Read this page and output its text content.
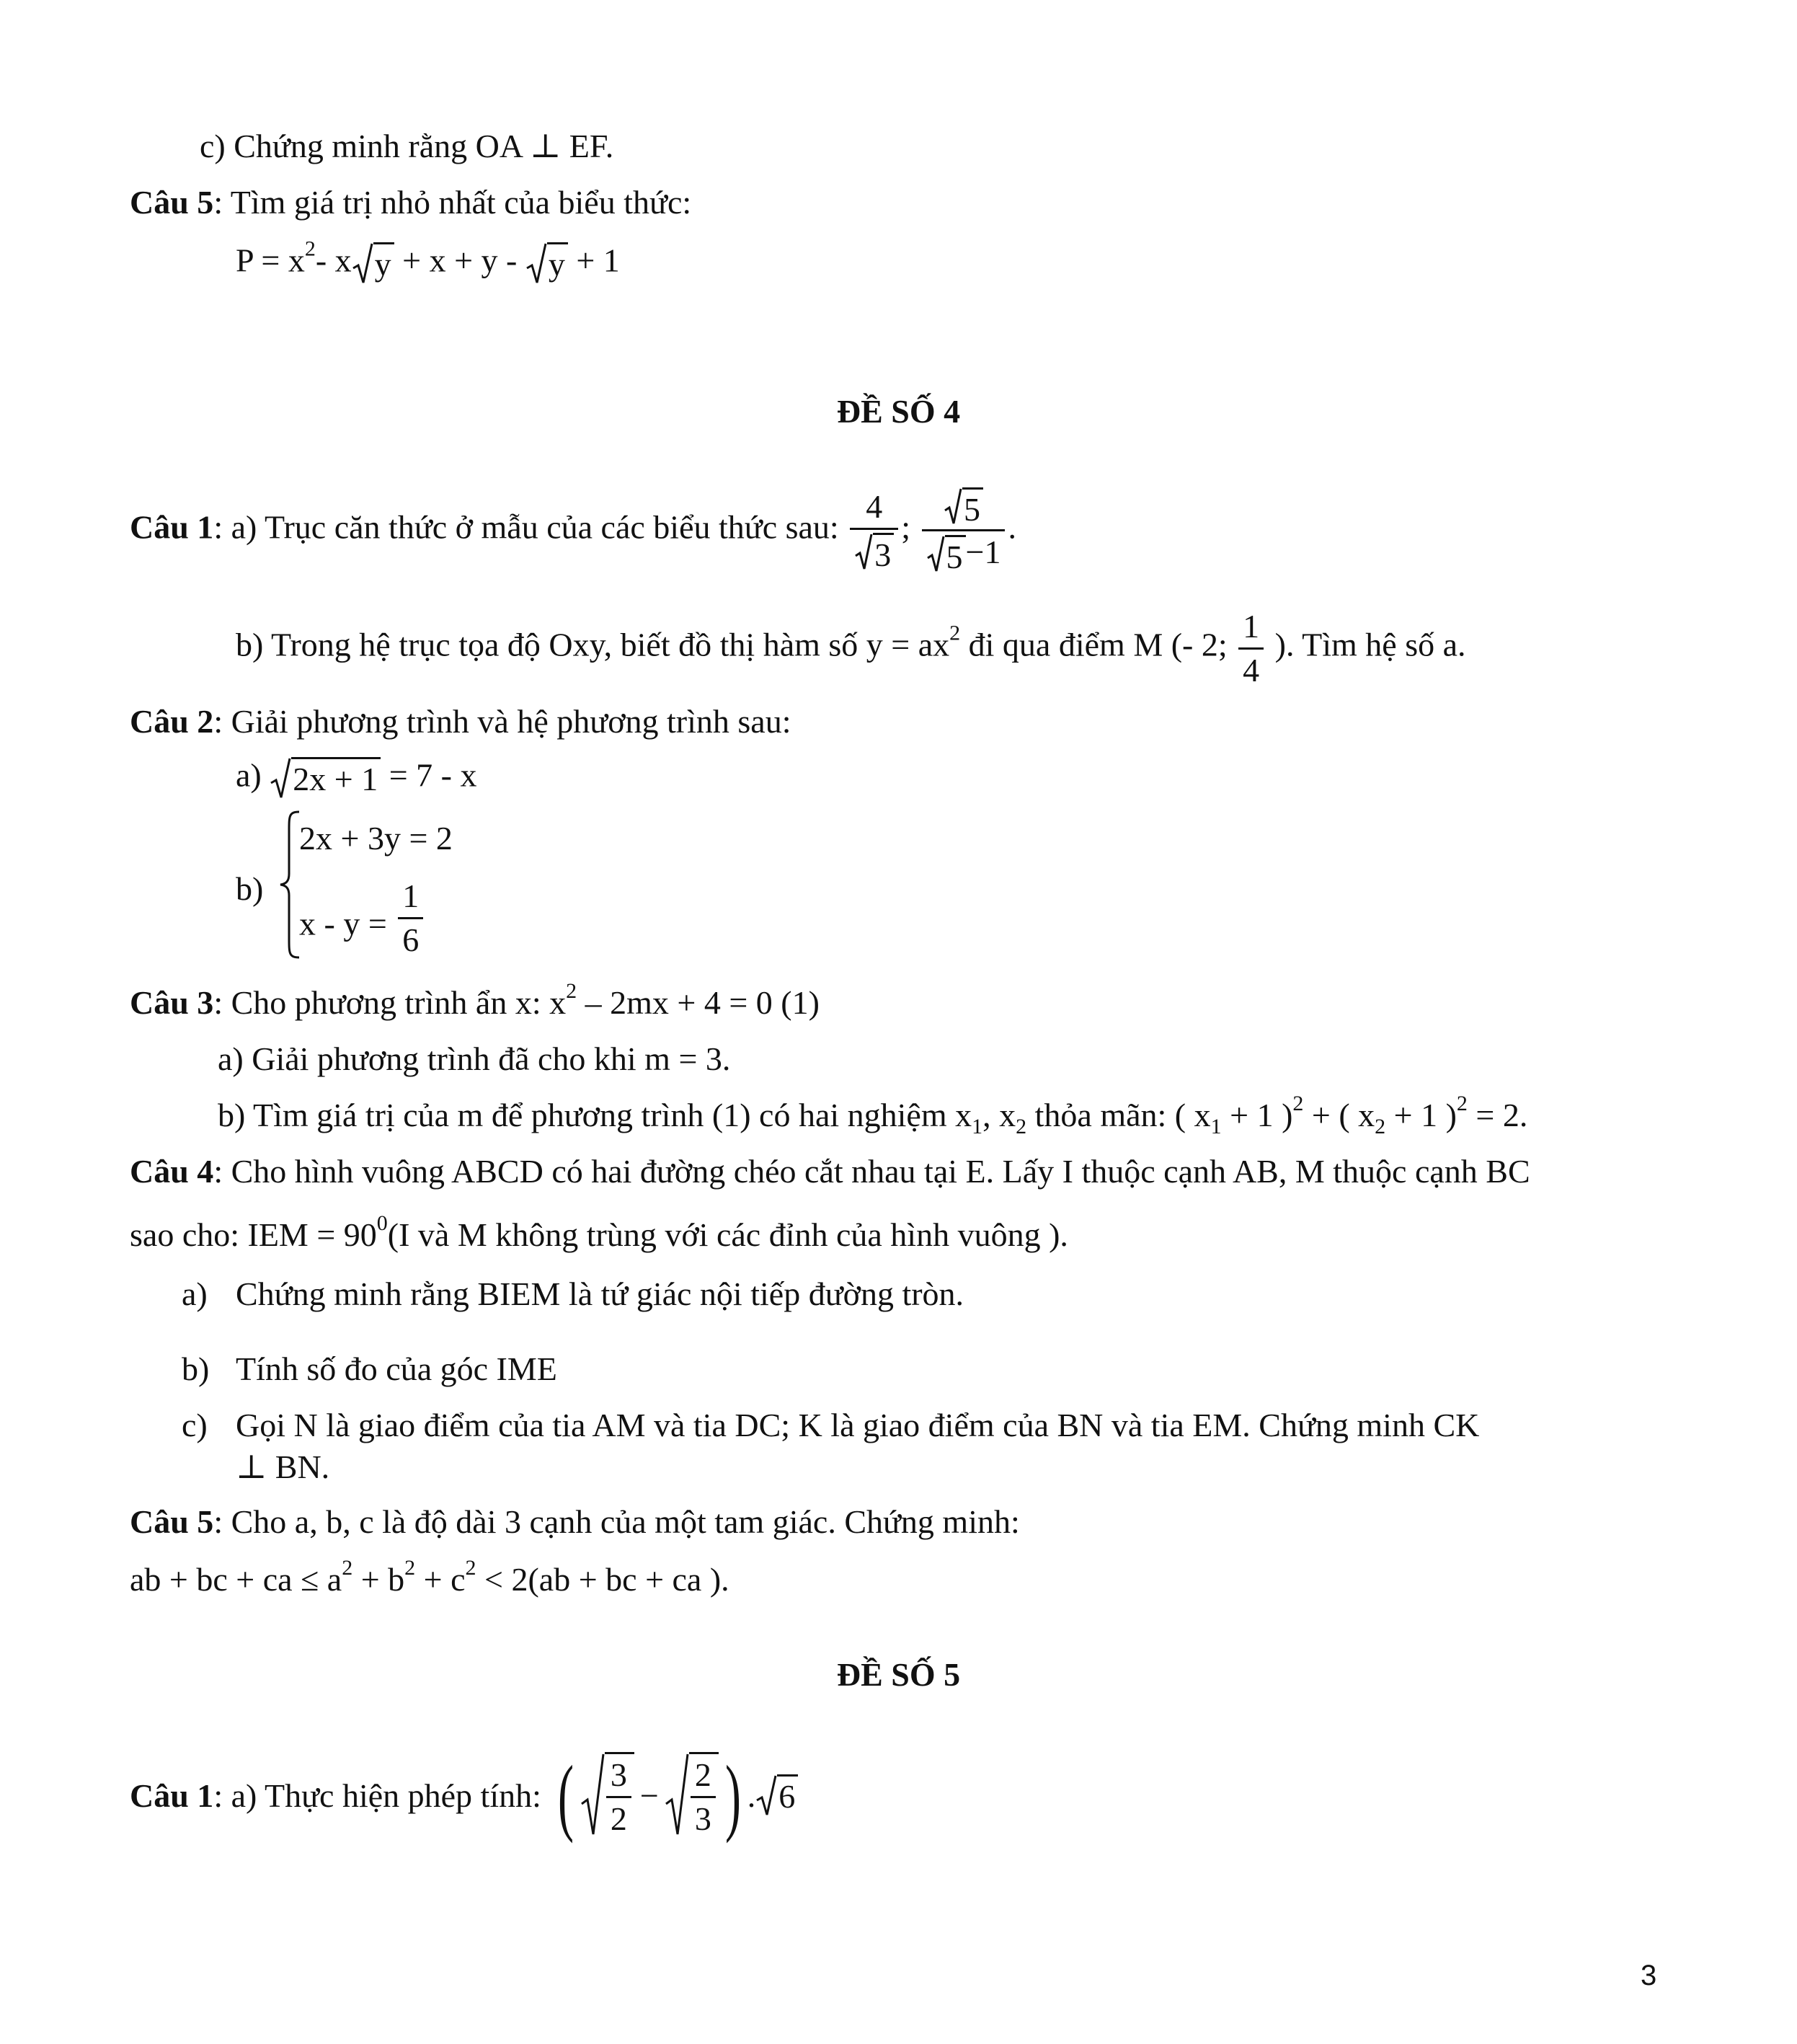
c) Chứng minh rằng OA ⊥ EF.
Câu 5: Tìm giá trị nhỏ nhất của biểu thức:
$P = x^2-$ x y + x + y - y + 1
ĐỀ SỐ 4
Câu 1: a) Trục căn thức ở mẫu của các biểu thức sau: $\frac{4}{3}$ ; $\frac{5}{5 -1}$ .
b) Trong hệ trục tọa độ Oxy, biết đồ thị hàm số $y = ax^2$ đi qua điểm M (- 2; $\frac{1}{4}$ ). Tìm hệ số a.
Câu 2: Giải phương trình và hệ phương trình sau:
a) 2x + 1 = 7 - x
b)
2x + 3y = 2
$x - y = \frac{1}{6}$
Câu 3: Cho phương trình ẩn x: $x^2 - 2mx + 4 = 0$ (1)
a) Giải phương trình đã cho khi m = 3.
b) Tìm giá trị của m để phương trình (1) có hai nghiệm $x_1$, $x_2$ thỏa mãn: ( $x_1 + 1$ )$^2$ + ( $x_2 + 1$ )$^2$ = 2.
Câu 4: Cho hình vuông ABCD có hai đường chéo cắt nhau tại E. Lấy I thuộc cạnh AB, M thuộc cạnh BC
sao cho: IEM = $90^0(I$ và M không trùng với các đỉnh của hình vuông ).
a) Chứng minh rằng BIEM là tứ giác nội tiếp đường tròn.
b) Tính số đo của góc IME
c) Gọi N là giao điểm của tia AM và tia DC; K là giao điểm của BN và tia EM. Chứng minh CK
⊥ BN.
Câu 5: Cho a, b, c là độ dài 3 cạnh của một tam giác. Chứng minh:
ab + bc + ca ≤ $a^2 + b^2 + c^2 < 2(ab$ + bc + ca ).
ĐỀ SỐ 5
Câu 1 : a) Thực hiện phép tính: ( $\frac{3}{2} - \frac{2}{3}$ ) . 6
3
